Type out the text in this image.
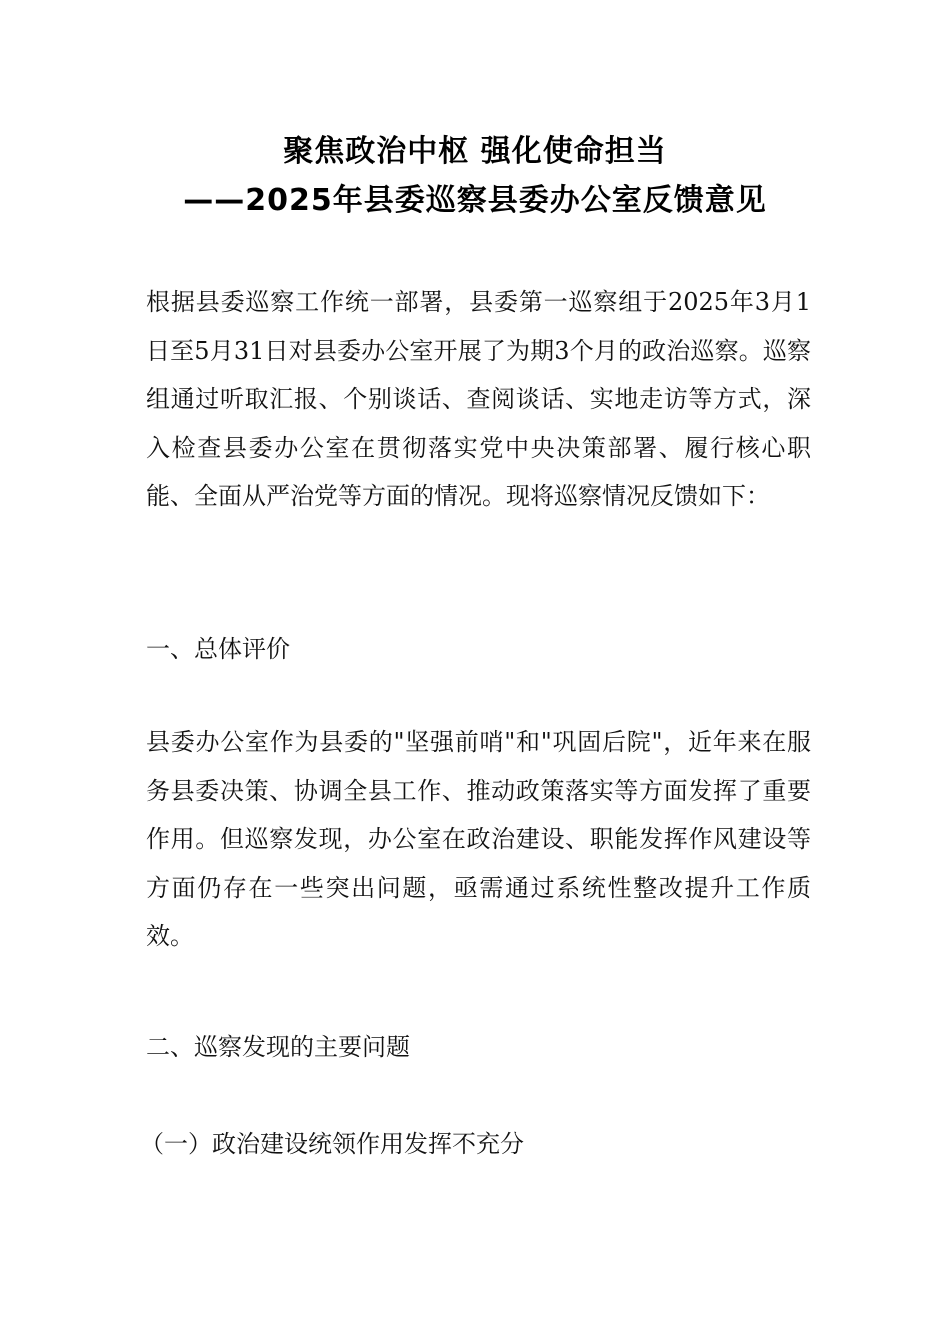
聚焦政治中枢 强化使命担当
——2025年县委巡察县委办公室反馈意见
根据县委巡察工作统一部署，县委第一巡察组于2025年3月1日至5月31日对县委办公室开展了为期3个月的政治巡察。巡察组通过听取汇报、个别谈话、查阅谈话、实地走访等方式，深入检查县委办公室在贯彻落实党中央决策部署、履行核心职能、全面从严治党等方面的情况。现将巡察情况反馈如下：
一、总体评价
县委办公室作为县委的"坚强前哨"和"巩固后院"，近年来在服务县委决策、协调全县工作、推动政策落实等方面发挥了重要作用。但巡察发现，办公室在政治建设、职能发挥作风建设等方面仍存在一些突出问题，亟需通过系统性整改提升工作质效。
二、巡察发现的主要问题
（一）政治建设统领作用发挥不充分
